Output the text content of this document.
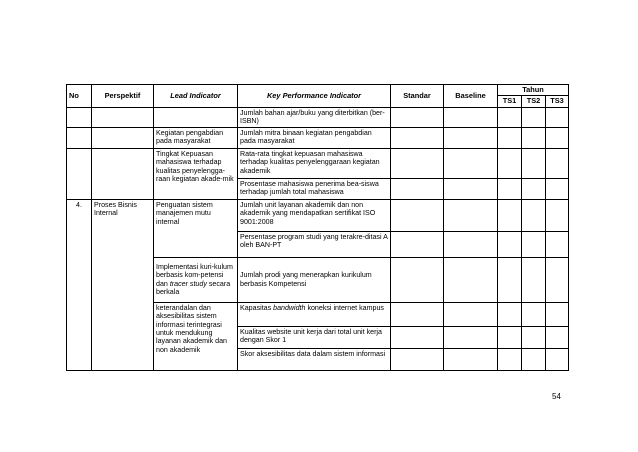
No	Perspektif	Lead Indicator	Key Performance Indicator	Standar	Baseline	Tahun		
						TS1	TS2	TS3
			Jumlah bahan ajar/buku yang diterbitkan (ber-ISBN)					
		Kegiatan pengabdian pada masyarakat	Jumlah mitra binaan kegiatan pengabdian pada masyarakat					
		Tingkat Kepuasan mahasiswa terhadap kualitas penyelengga-raan kegiatan akade-mik	Rata-rata tingkat kepuasan mahasiswa terhadap kualitas penyelenggaraan kegiatan akademik					
			Prosentase mahasiswa penerima bea-siswa terhadap jumlah total mahasiswa					
4.	Proses Bisnis Internal	Penguatan sistem manajemen mutu internal	Jumlah unit layanan akademik dan non akademik yang mendapatkan sertifikat ISO 9001:2008					
			Persentase program studi yang terakre-ditasi A oleh BAN-PT					
		Implementasi kuri-kulum berbasis kom-petensi dan tracer study secara berkala	Jumlah prodi yang menerapkan kurikulum berbasis Kompetensi					
		keterandalan dan aksesibilitas sistem informasi terintegrasi untuk mendukung layanan akademik dan non akademik	Kapasitas bandwidth koneksi internet kampus					
			Kualitas website unit kerja dari total unit kerja dengan Skor 1					
			Skor aksesibilitas data dalam sistem informasi					
54
